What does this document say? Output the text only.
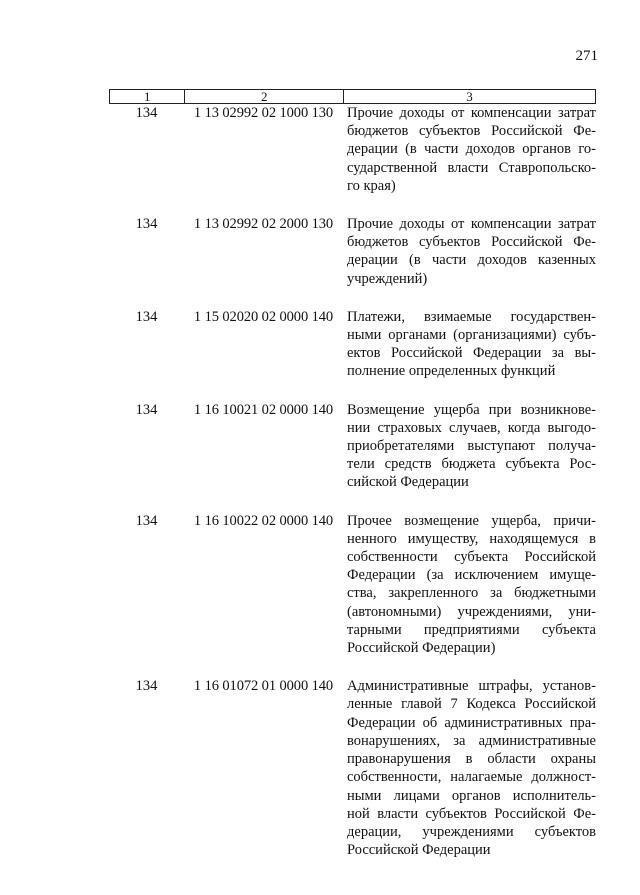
271
1	2	3
134	1 13 02992 02 1000 130 Прочие доходы от компенсации затрат бюджетов субъектов Российской Фе- дерации (в части доходов органов го- сударственной власти Ставропольско- го края)
134	1 13 02992 02 2000 130 Прочие доходы от компенсации затрат бюджетов субъектов Российской Фе- дерации (в части доходов казенных учреждений)
134	1 15 02020 02 0000 140 Платежи, взимаемые государствен- ными органами (организациями) субъ- ектов Российской Федерации за вы- полнение определенных функций
134	1 16 10021 02 0000 140 Возмещение ущерба при возникнове- нии страховых случаев, когда выгодо- приобретателями выступают получа- тели средств бюджета субъекта Рос- сийской Федерации
134	1 16 10022 02 0000 140 Прочее возмещение ущерба, причи- ненного имуществу, находящемуся в собственности субъекта Российской Федерации (за исключением имуще- ства, закрепленного за бюджетными (автономными) учреждениями, уни- тарными предприятиями субъекта Российской Федерации)
134	1 16 01072 01 0000 140 Административные штрафы, установ- ленные главой 7 Кодекса Российской Федерации об административных пра- вонарушениях, за административные правонарушения в области охраны собственности, налагаемые должност- ными лицами органов исполнитель- ной власти субъектов Российской Фе- дерации, учреждениями субъектов Российской Федерации
